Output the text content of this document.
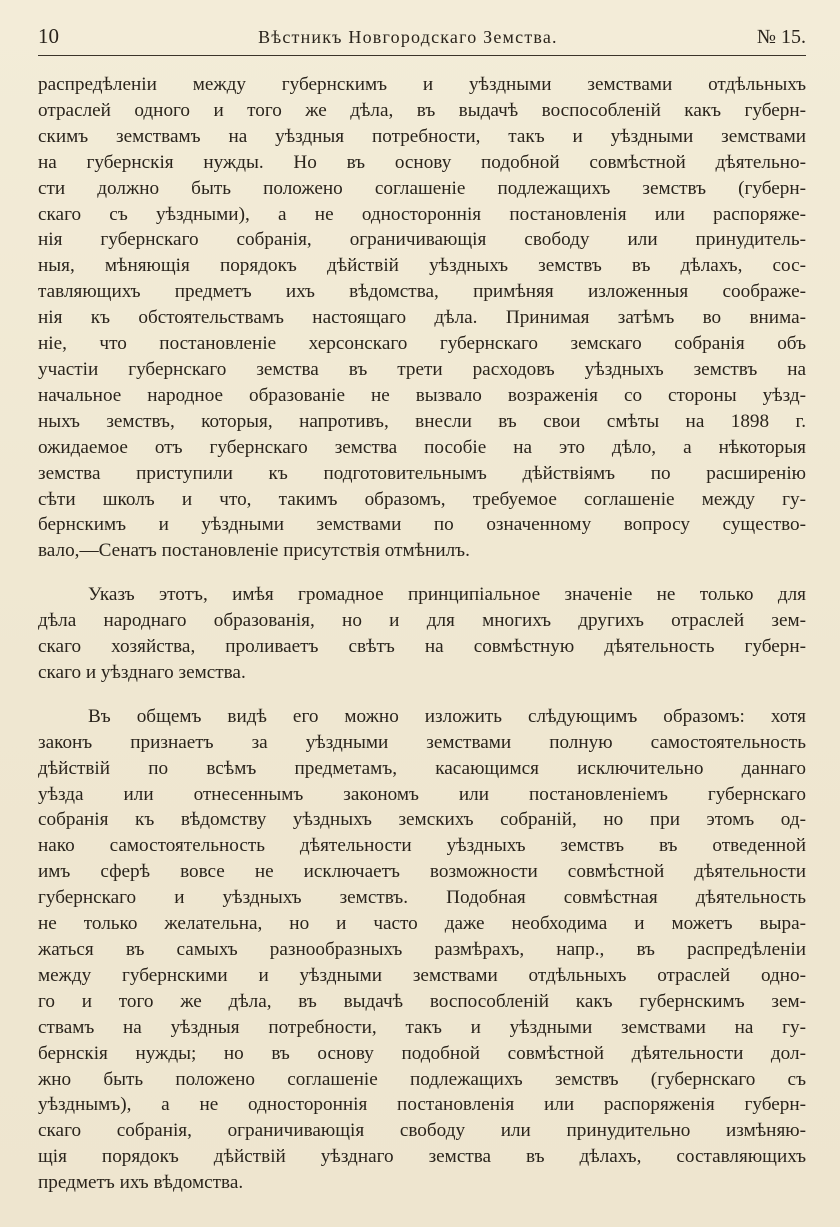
10	Вѣстникъ Новгородскаго Земства.	№ 15.

распредѣленіи между губернскимъ и уѣздными земствами отдѣльныхъ
отраслей одного и того же дѣла, въ выдачѣ воспособленій какъ губерн-
скимъ земствамъ на уѣздныя потребности, такъ и уѣздными земствами
на губернскія нужды. Но въ основу подобной совмѣстной дѣятельно-
сти должно быть положено соглашеніе подлежащихъ земствъ (губерн-
скаго съ уѣздными), а не одностороннія постановленія или распоряже-
нія губернскаго собранія, ограничивающія свободу или принудитель-
ныя, мѣняющія порядокъ дѣйствій уѣздныхъ земствъ въ дѣлахъ, сос-
тавляющихъ предметъ ихъ вѣдомства, примѣняя изложенныя соображе-
нія къ обстоятельствамъ настоящаго дѣла. Принимая затѣмъ во внима-
ніе, что постановленіе херсонскаго губернскаго земскаго собранія объ
участіи губернскаго земства въ трети расходовъ уѣздныхъ земствъ на
начальное народное образованіе не вызвало возраженія со стороны уѣзд-
ныхъ земствъ, которыя, напротивъ, внесли въ свои смѣты на 1898 г.
ожидаемое отъ губернскаго земства пособіе на это дѣло, а нѣкоторыя
земства приступили къ подготовительнымъ дѣйствіямъ по расширенію
сѣти школъ и что, такимъ образомъ, требуемое соглашеніе между гу-
бернскимъ и уѣздными земствами по означенному вопросу существо-
вало,—Сенатъ постановленіе присутствія отмѣнилъ.

Указъ этотъ, имѣя громадное принципіальное значеніе не только для
дѣла народнаго образованія, но и для многихъ другихъ отраслей зем-
скаго хозяйства, проливаетъ свѣтъ на совмѣстную дѣятельность губерн-
скаго и уѣзднаго земства.

Въ общемъ видѣ его можно изложить слѣдующимъ образомъ: хотя
законъ признаетъ за уѣздными земствами полную самостоятельность
дѣйствій по всѣмъ предметамъ, касающимся исключительно даннаго
уѣзда или отнесеннымъ закономъ или постановленіемъ губернскаго
собранія къ вѣдомству уѣздныхъ земскихъ собраній, но при этомъ од-
нако самостоятельность дѣятельности уѣздныхъ земствъ въ отведенной
имъ сферѣ вовсе не исключаетъ возможности совмѣстной дѣятельности
губернскаго и уѣздныхъ земствъ. Подобная совмѣстная дѣятельность
не только желательна, но и часто даже необходима и можетъ выра-
жаться въ самыхъ разнообразныхъ размѣрахъ, напр., въ распредѣленіи
между губернскими и уѣздными земствами отдѣльныхъ отраслей одно-
го и того же дѣла, въ выдачѣ воспособленій какъ губернскимъ зем-
ствамъ на уѣздныя потребности, такъ и уѣздными земствами на гу-
бернскія нужды; но въ основу подобной совмѣстной дѣятельности дол-
жно быть положено соглашеніе подлежащихъ земствъ (губернскаго съ
уѣзднымъ), а не одностороннія постановленія или распоряженія губерн-
скаго собранія, ограничивающія свободу или принудительно измѣняю-
щія порядокъ дѣйствій уѣзднаго земства въ дѣлахъ, составляющихъ
предметъ ихъ вѣдомства.
